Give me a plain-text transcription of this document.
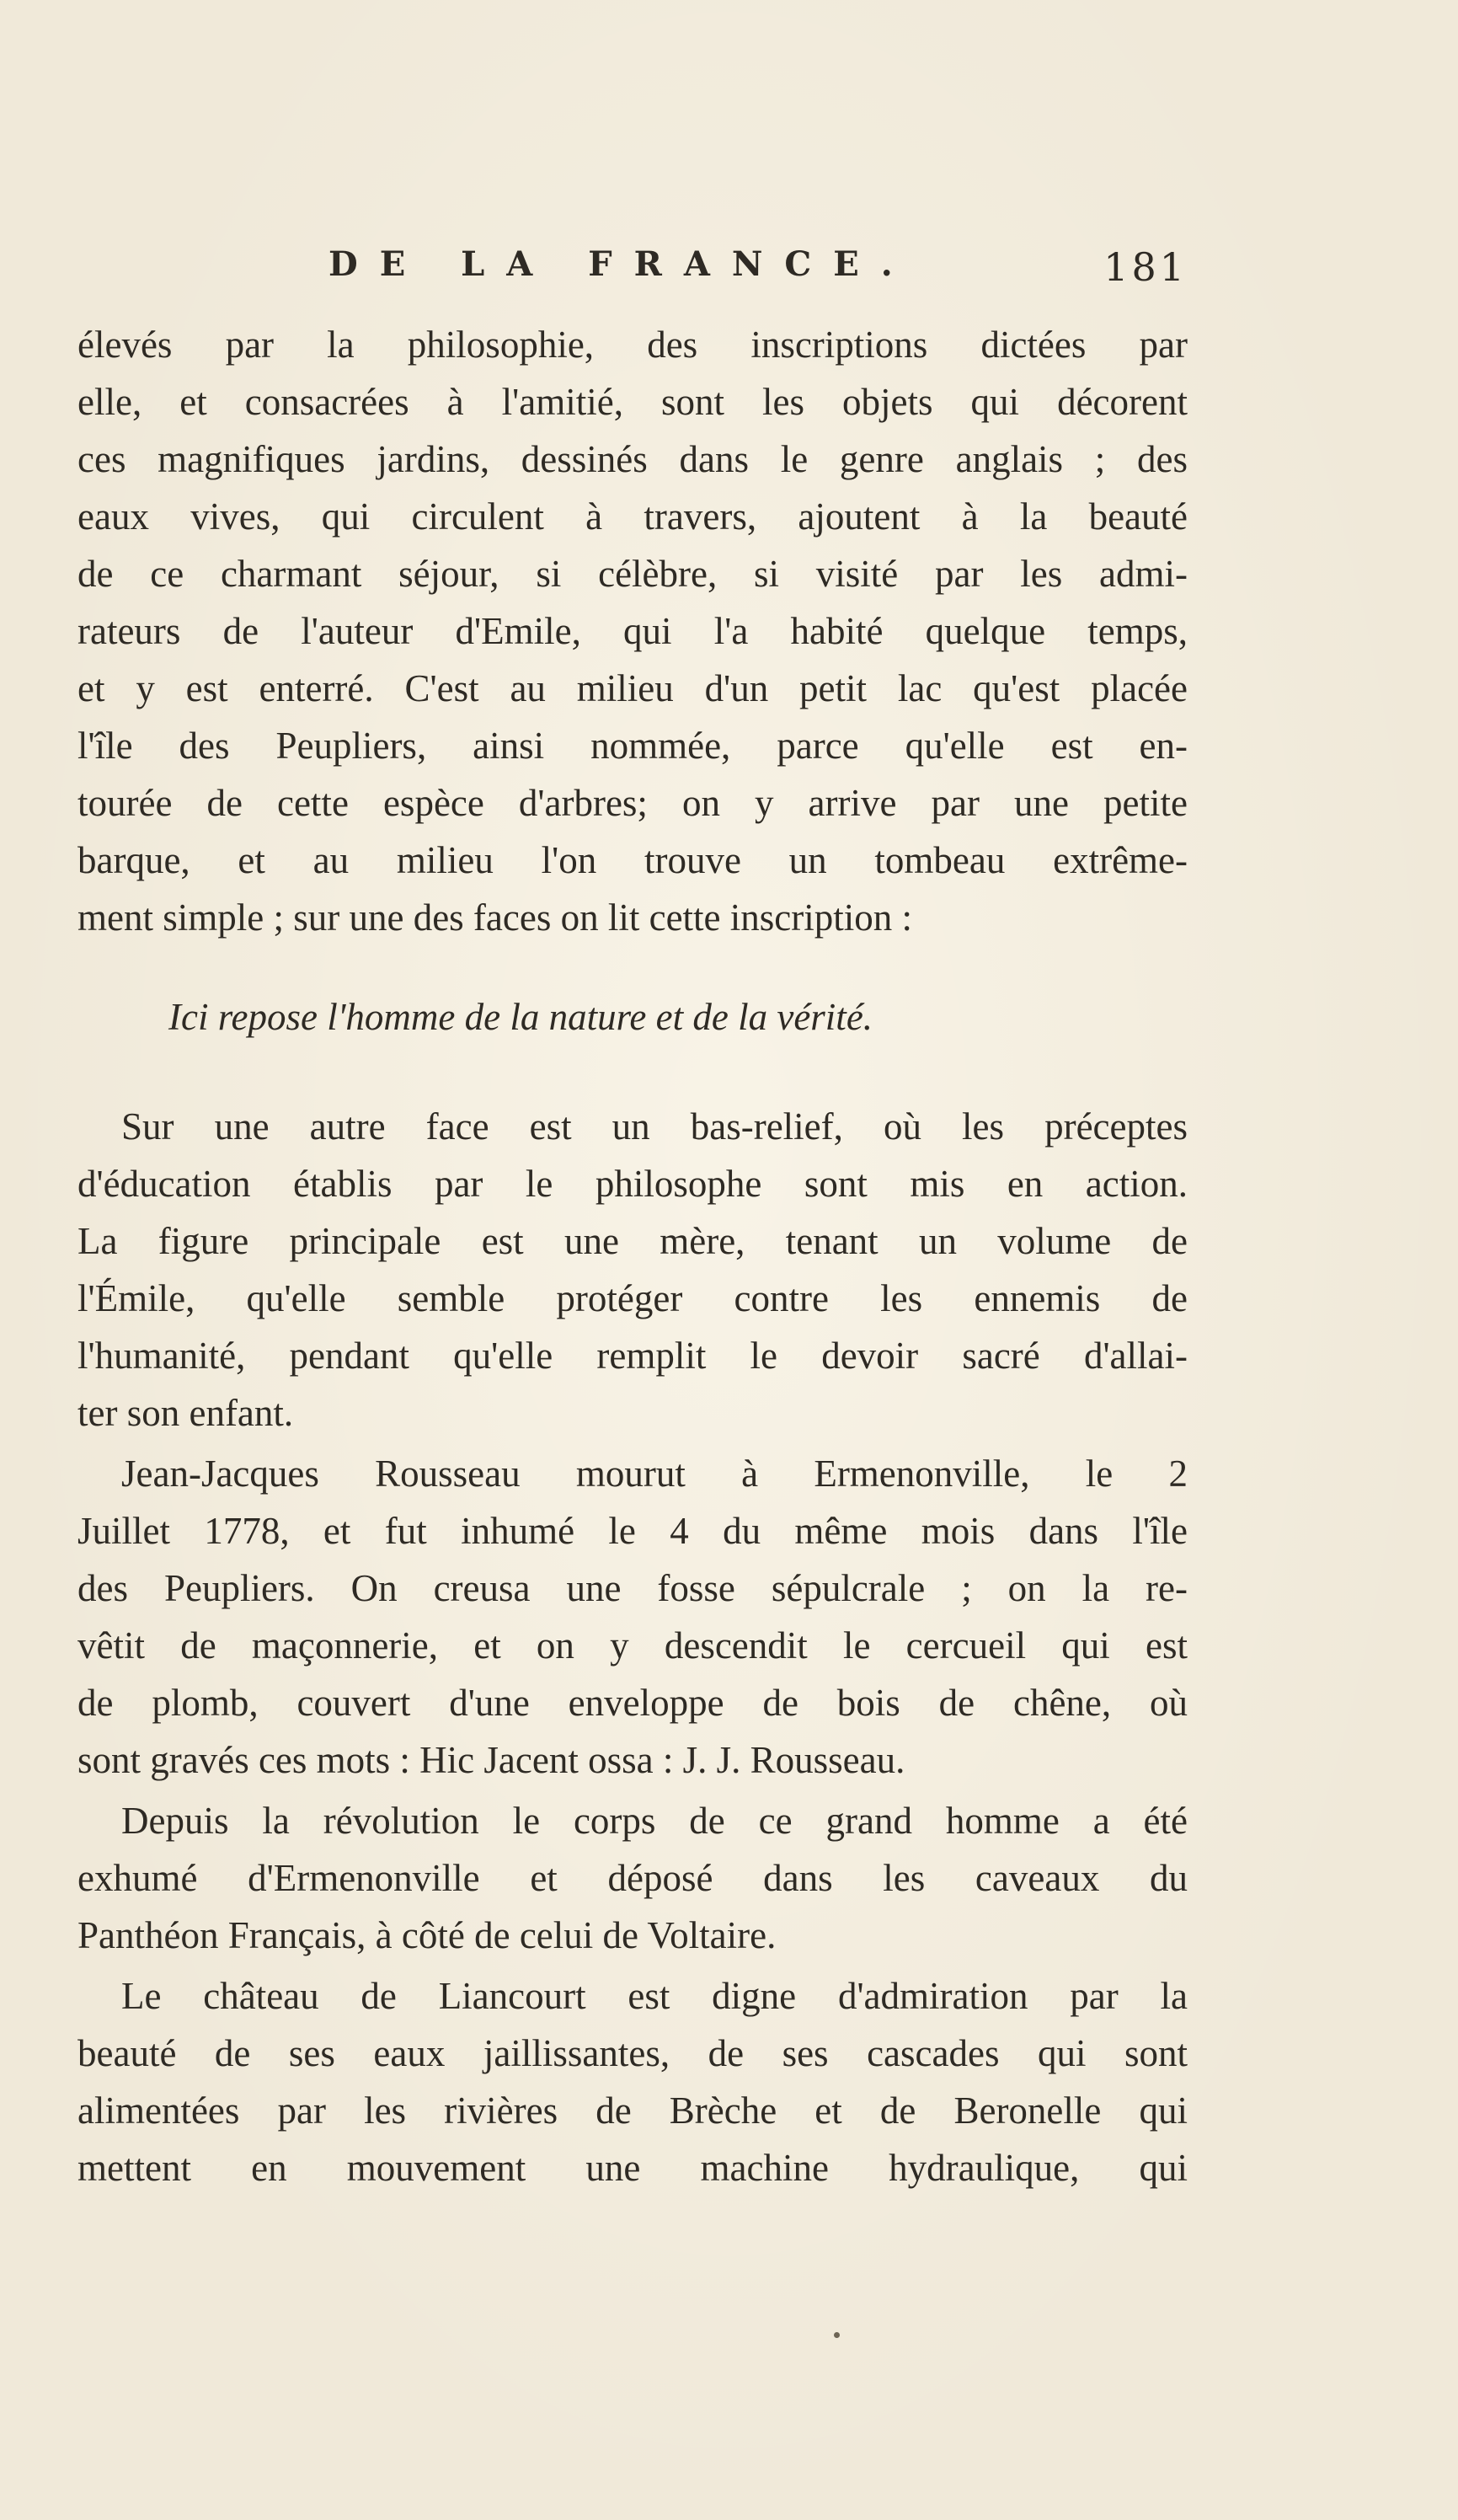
DE LA FRANCE.	181
élevés par la philosophie, des inscriptions dictées par
elle, et consacrées à l'amitié, sont les objets qui décorent
ces magnifiques jardins, dessinés dans le genre anglais ; des
eaux vives, qui circulent à travers, ajoutent à la beauté
de ce charmant séjour, si célèbre, si visité par les admi-
rateurs de l'auteur d'Emile, qui l'a habité quelque temps,
et y est enterré. C'est au milieu d'un petit lac qu'est placée
l'île des Peupliers, ainsi nommée, parce qu'elle est en-
tourée de cette espèce d'arbres; on y arrive par une petite
barque, et au milieu l'on trouve un tombeau extrême-
ment simple ; sur une des faces on lit cette inscription :
Ici repose l'homme de la nature et de la vérité.
Sur une autre face est un bas-relief, où les préceptes
d'éducation établis par le philosophe sont mis en action.
La figure principale est une mère, tenant un volume de
l'Émile, qu'elle semble protéger contre les ennemis de
l'humanité, pendant qu'elle remplit le devoir sacré d'allai-
ter son enfant.
Jean-Jacques Rousseau mourut à Ermenonville, le 2
Juillet 1778, et fut inhumé le 4 du même mois dans l'île
des Peupliers. On creusa une fosse sépulcrale ; on la re-
vêtit de maçonnerie, et on y descendit le cercueil qui est
de plomb, couvert d'une enveloppe de bois de chêne, où
sont gravés ces mots : Hic Jacent ossa : J. J. Rousseau.
Depuis la révolution le corps de ce grand homme a été
exhumé d'Ermenonville et déposé dans les caveaux du
Panthéon Français, à côté de celui de Voltaire.
Le château de Liancourt est digne d'admiration par la
beauté de ses eaux jaillissantes, de ses cascades qui sont
alimentées par les rivières de Brèche et de Beronelle qui
mettent en mouvement une machine hydraulique, qui
